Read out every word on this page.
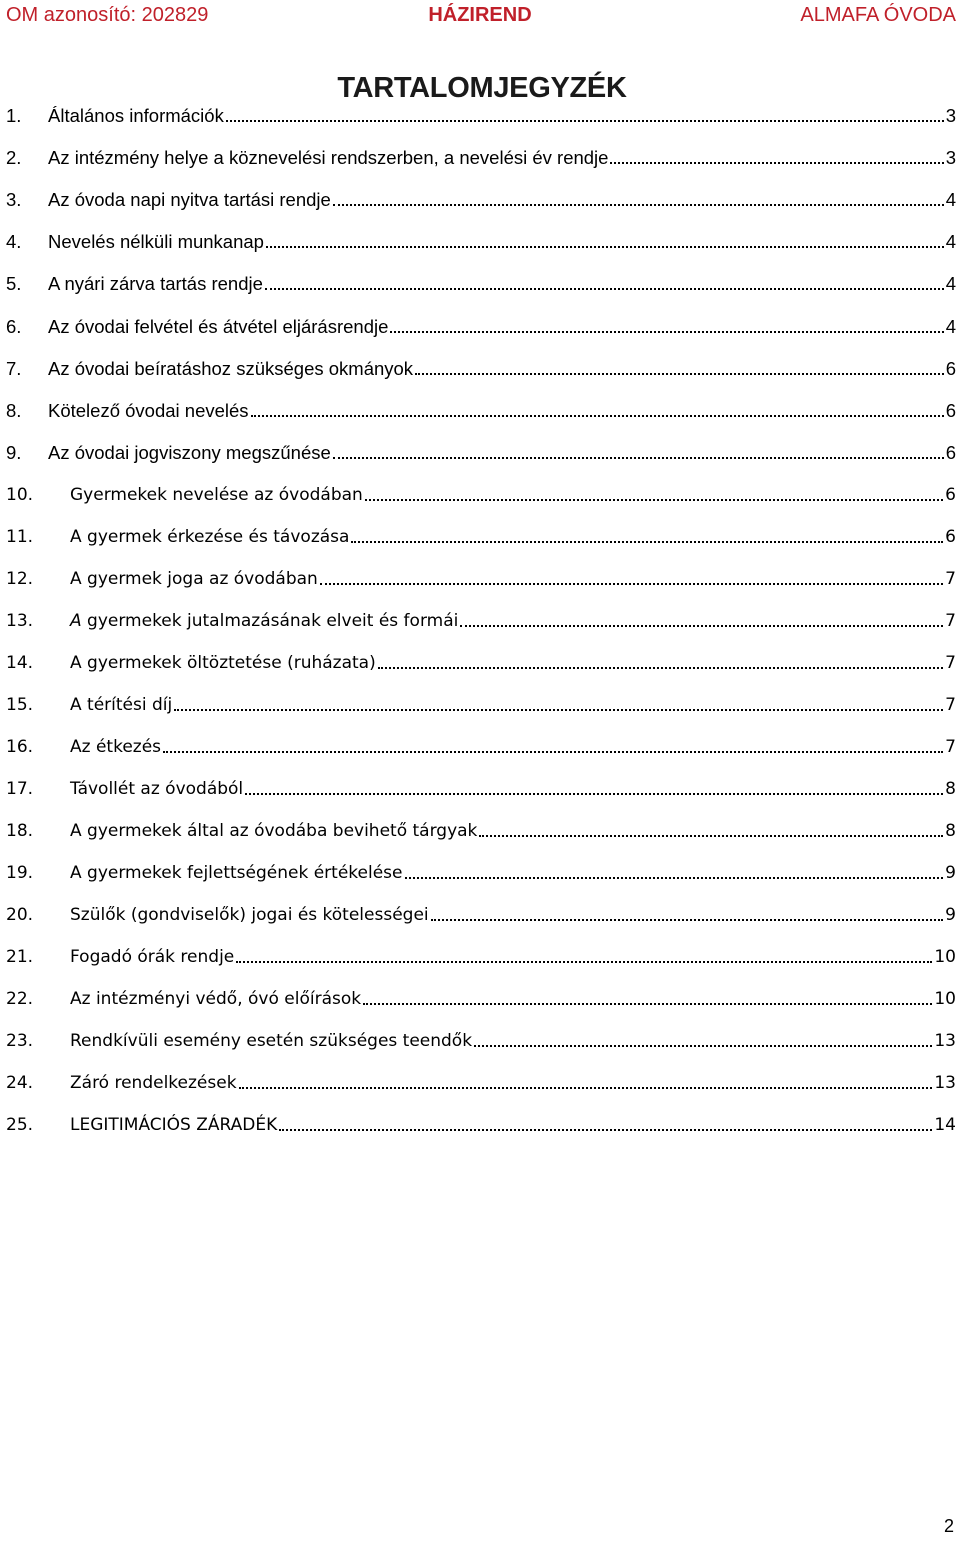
OM azonosító: 202829	HÁZIREND	ALMAFA ÓVODA
TARTALOMJEGYZÉK
1.	Általános információk	3
2.	Az intézmény helye a köznevelési rendszerben, a nevelési év rendje	3
3.	Az óvoda napi nyitva tartási rendje	4
4.	Nevelés nélküli munkanap	4
5.	A nyári zárva tartás rendje	4
6.	Az óvodai felvétel és átvétel eljárásrendje	4
7.	Az óvodai beíratáshoz szükséges okmányok	6
8.	Kötelező óvodai nevelés	6
9.	Az óvodai jogviszony megszűnése	6
10.	Gyermekek nevelése az óvodában	6
11.	A gyermek érkezése és távozása	6
12.	A gyermek joga az óvodában	7
13.	A gyermekek jutalmazásának elveit és formái	7
14.	A gyermekek öltöztetése (ruházata)	7
15.	A térítési díj	7
16.	Az étkezés	7
17.	Távollét az óvodából	8
18.	A gyermekek által az óvodába bevihető tárgyak	8
19.	A gyermekek fejlettségének értékelése	9
20.	Szülők (gondviselők) jogai és kötelességei	9
21.	Fogadó órák rendje	10
22.	Az intézményi védő, óvó előírások	10
23.	Rendkívüli esemény esetén szükséges teendők	13
24.	Záró rendelkezések	13
25.	LEGITIMÁCIÓS ZÁRADÉK	14
2
